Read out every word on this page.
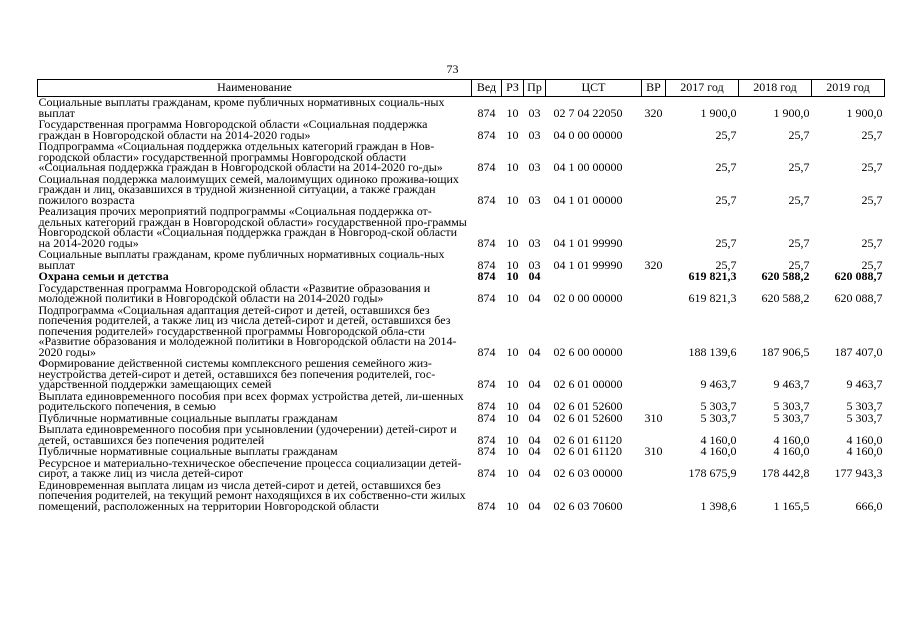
73
Наименование	Вед	РЗ	Пр	ЦСТ	ВР	2017 год	2018 год	2019 год

Социальные выплаты гражданам, кроме публичных нормативных социаль-ных выплат	874	10	03	02 7 04 22050	320	1 900,0	1 900,0	1 900,0

Государственная программа Новгородской области «Социальная поддержка граждан в Новгородской области на 2014-2020 годы»	874	10	03	04 0 00 00000		25,7	25,7	25,7

Подпрограмма «Социальная поддержка отдельных категорий граждан в Нов-городской области» государственной программы Новгородской области «Социальная поддержка граждан в Новгородской области на 2014-2020 го-ды»	874	10	03	04 1 00 00000		25,7	25,7	25,7

Социальная поддержка малоимущих семей, малоимущих одиноко прожива-ющих граждан и лиц, оказавшихся в трудной жизненной ситуации, а также граждан пожилого возраста	874	10	03	04 1 01 00000		25,7	25,7	25,7

Реализация прочих мероприятий подпрограммы «Социальная поддержка от-дельных категорий граждан в Новгородской области» государственной про-граммы Новгородской области «Социальная поддержка граждан в Новгород-ской области на 2014-2020 годы»	874	10	03	04 1 01 99990		25,7	25,7	25,7

Социальные выплаты гражданам, кроме публичных нормативных социаль-ных выплат	874	10	03	04 1 01 99990	320	25,7	25,7	25,7

Охрана семьи и детства	874	10	04			619 821,3	620 588,2	620 088,7

Государственная программа Новгородской области «Развитие образования и молодежной политики в Новгородской области на 2014-2020 годы»	874	10	04	02 0 00 00000		619 821,3	620 588,2	620 088,7

Подпрограмма «Социальная адаптация детей-сирот и детей, оставшихся без попечения родителей, а также лиц из числа детей-сирот и детей, оставшихся без попечения родителей» государственной программы Новгородской обла-сти «Развитие образования и молодежной политики в Новгородской области на 2014-2020 годы»	874	10	04	02 6 00 00000		188 139,6	187 906,5	187 407,0

Формирование действенной системы комплексного решения семейного жиз-неустройства детей-сирот и детей, оставшихся без попечения родителей, гос-ударственной поддержки замещающих семей	874	10	04	02 6 01 00000		9 463,7	9 463,7	9 463,7

Выплата единовременного пособия при всех формах устройства детей, ли-шенных родительского попечения, в семью	874	10	04	02 6 01 52600		5 303,7	5 303,7	5 303,7

Публичные нормативные социальные выплаты гражданам	874	10	04	02 6 01 52600	310	5 303,7	5 303,7	5 303,7

Выплата единовременного пособия при усыновлении (удочерении) детей-сирот и детей, оставшихся без попечения родителей	874	10	04	02 6 01 61120		4 160,0	4 160,0	4 160,0

Публичные нормативные социальные выплаты гражданам	874	10	04	02 6 01 61120	310	4 160,0	4 160,0	4 160,0

Ресурсное и материально-техническое обеспечение процесса социализации детей-сирот, а также лиц из числа детей-сирот	874	10	04	02 6 03 00000		178 675,9	178 442,8	177 943,3

Единовременная выплата лицам из числа детей-сирот и детей, оставшихся без попечения родителей, на текущий ремонт находящихся в их собственно-сти жилых помещений, расположенных на территории Новгородской области	874	10	04	02 6 03 70600		1 398,6	1 165,5	666,0
